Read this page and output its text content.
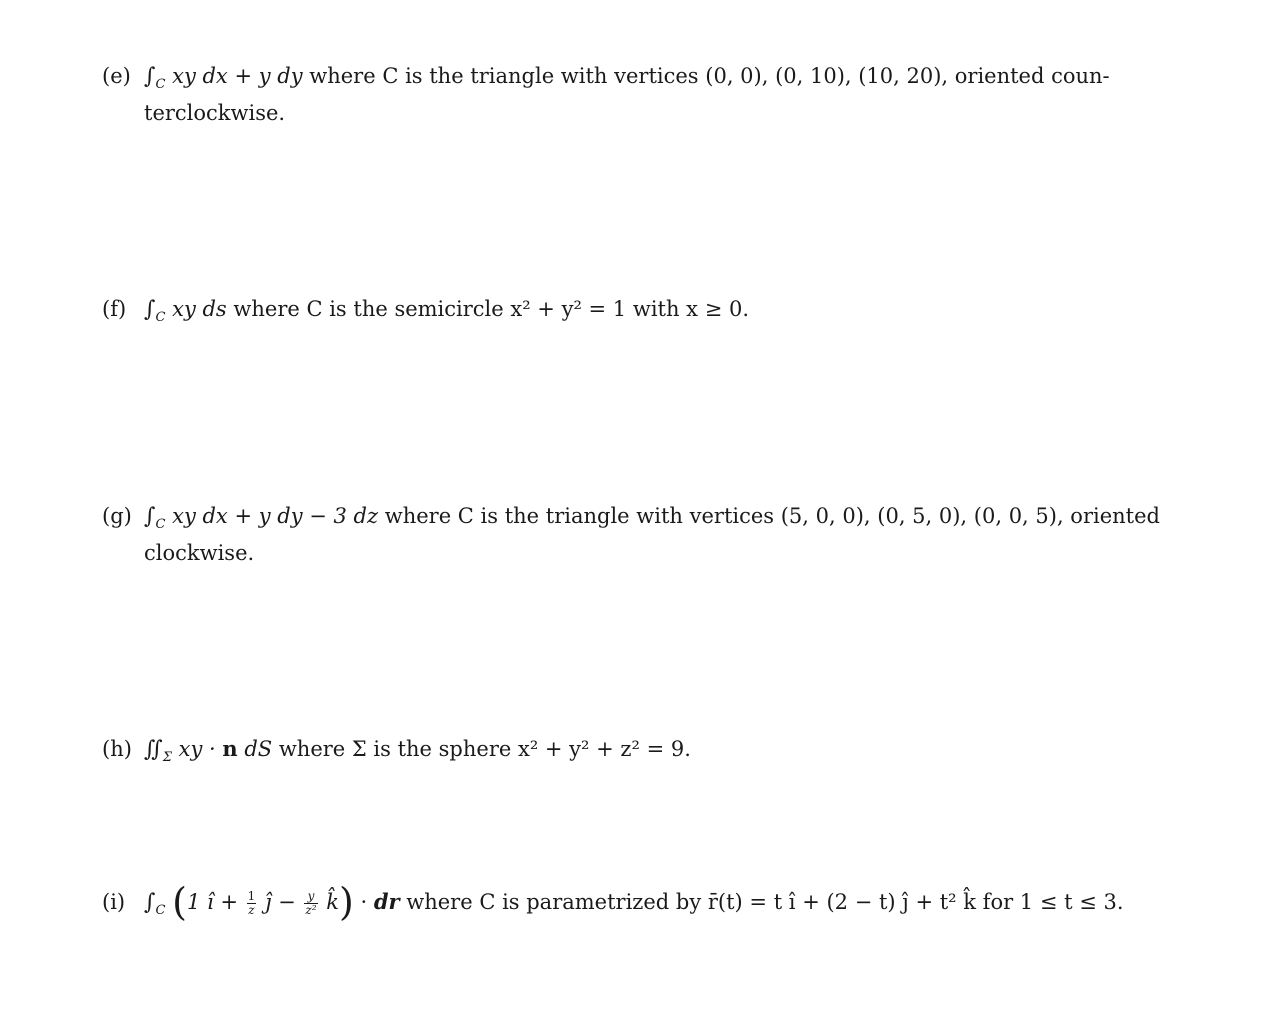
(e) $\int_C$ xy dx + y dy where C is the triangle with vertices (0, 0), (0, 10), (10, 20), oriented coun-
terclockwise.
(f) $\int_C$ xy ds where C is the semicircle x² + y² = 1 with x ≥ 0.
(g) $\int_C$ xy dx + y dy − 3 dz where C is the triangle with vertices (5, 0, 0), (0, 5, 0), (0, 0, 5), oriented
clockwise.
(h) $∬_\Sigma$ xy · n dS where Σ is the sphere x² + y² + z² = 9.
(i) $\int_C$ (1 î + $\frac{1}{z}$ ĵ − $\frac{y}{\text{z²}}$ k̂) · dr where C is parametrized by r̄(t) = t î + (2 − t) ĵ + t² k̂ for 1 ≤ t ≤ 3.
